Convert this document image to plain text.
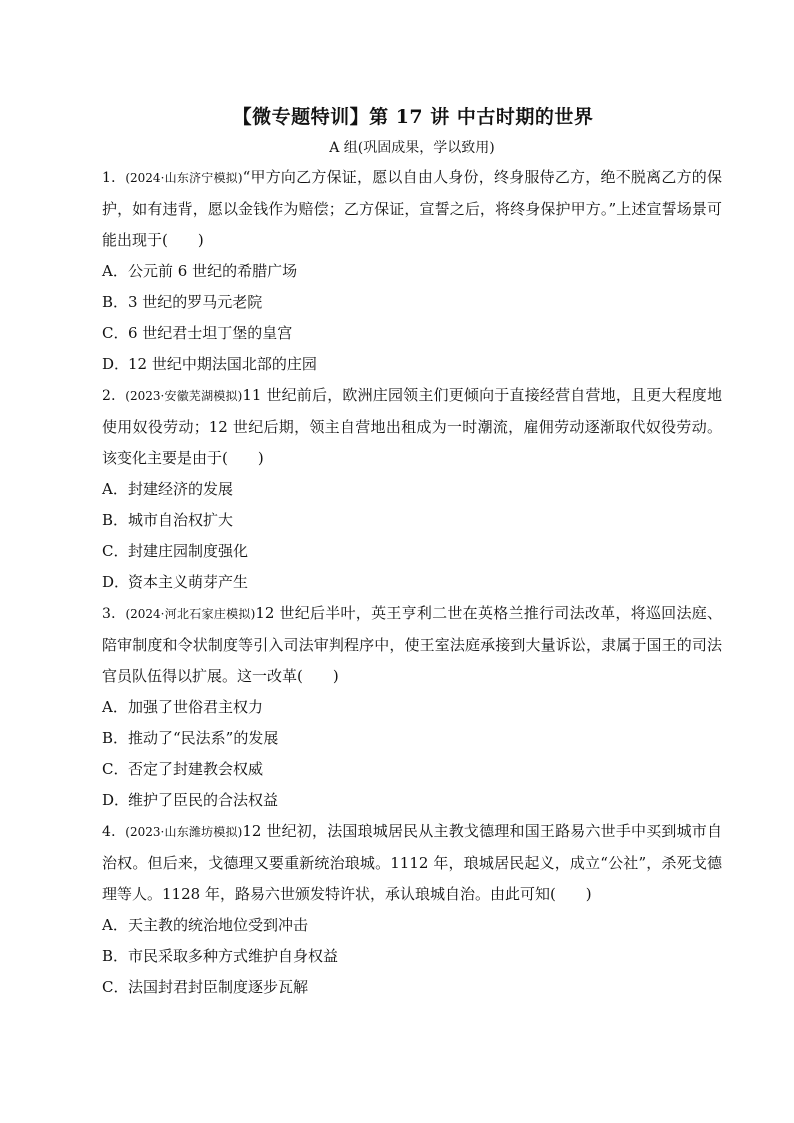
【微专题特训】第 17 讲 中古时期的世界
A 组(巩固成果，学以致用)

1．(2024·山东济宁模拟)“甲方向乙方保证，愿以自由人身份，终身服侍乙方，绝不脱离乙方的保护，如有违背，愿以金钱作为赔偿；乙方保证，宣誓之后，将终身保护甲方。”上述宣誓场景可能出现于(　　)

A．公元前 6 世纪的希腊广场

B．3 世纪的罗马元老院

C．6 世纪君士坦丁堡的皇宫

D．12 世纪中期法国北部的庄园

2．(2023·安徽芜湖模拟)11 世纪前后，欧洲庄园领主们更倾向于直接经营自营地，且更大程度地使用奴役劳动；12 世纪后期，领主自营地出租成为一时潮流，雇佣劳动逐渐取代奴役劳动。该变化主要是由于(　　)

A．封建经济的发展

B．城市自治权扩大

C．封建庄园制度强化

D．资本主义萌芽产生

3．(2024·河北石家庄模拟)12 世纪后半叶，英王亨利二世在英格兰推行司法改革，将巡回法庭、陪审制度和令状制度等引入司法审判程序中，使王室法庭承接到大量诉讼，隶属于国王的司法官员队伍得以扩展。这一改革(　　)

A．加强了世俗君主权力

B．推动了“民法系”的发展

C．否定了封建教会权威

D．维护了臣民的合法权益

4．(2023·山东潍坊模拟)12 世纪初，法国琅城居民从主教戈德理和国王路易六世手中买到城市自治权。但后来，戈德理又要重新统治琅城。1112 年，琅城居民起义，成立“公社”，杀死戈德理等人。1128 年，路易六世颁发特许状，承认琅城自治。由此可知(　　)

A．天主教的统治地位受到冲击

B．市民采取多种方式维护自身权益

C．法国封君封臣制度逐步瓦解
